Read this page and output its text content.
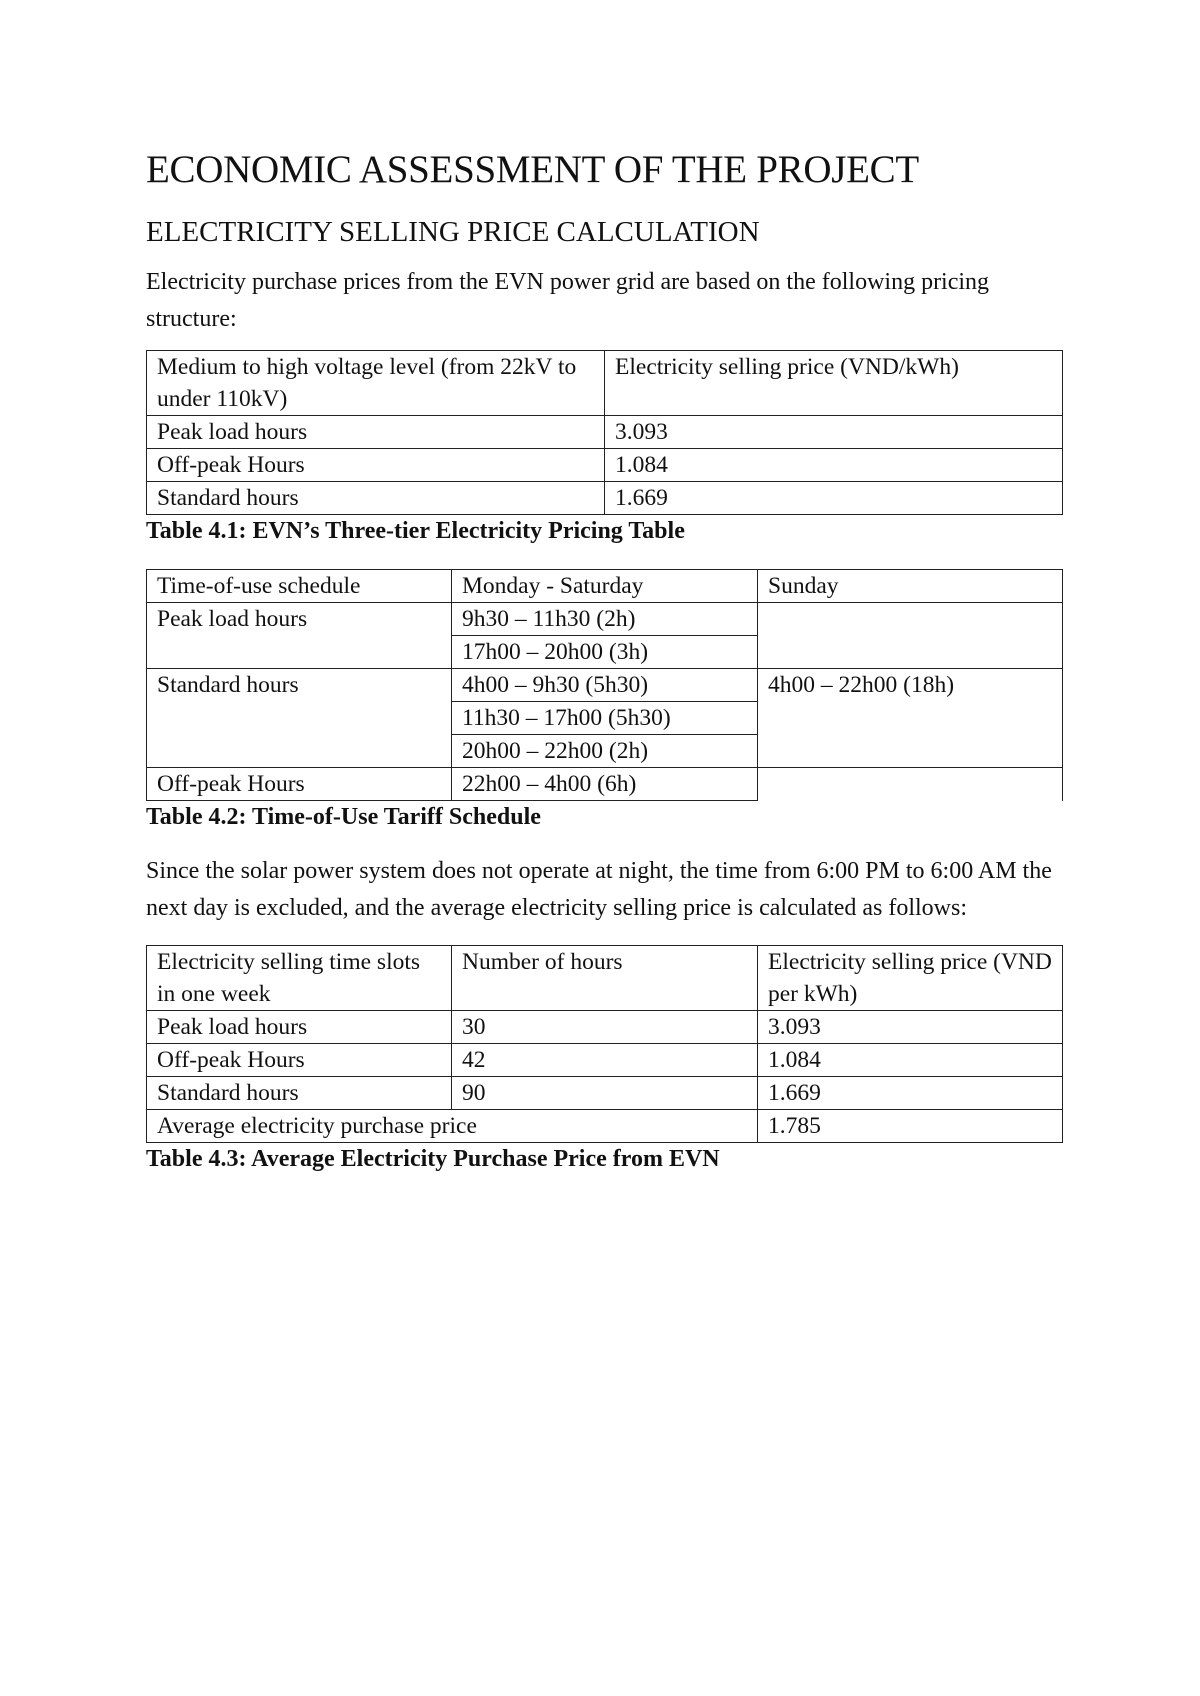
ECONOMIC ASSESSMENT OF THE PROJECT
ELECTRICITY SELLING PRICE CALCULATION

Electricity purchase prices from the EVN power grid are based on the following pricing structure:

Medium to high voltage level (from 22kV to under 110kV)	Electricity selling price (VND/kWh)
Peak load hours	3.093
Off-peak Hours	1.084
Standard hours	1.669

Table 4.1: EVN’s Three-tier Electricity Pricing Table

Time-of-use schedule	Monday - Saturday	Sunday
Peak load hours	9h30 – 11h30 (2h)	
	17h00 – 20h00 (3h)	
Standard hours	4h00 – 9h30 (5h30)	4h00 – 22h00 (18h)
	11h30 – 17h00 (5h30)	
	20h00 – 22h00 (2h)	
Off-peak Hours	22h00 – 4h00 (6h)	

Table 4.2: Time-of-Use Tariff Schedule

Since the solar power system does not operate at night, the time from 6:00 PM to 6:00 AM the next day is excluded, and the average electricity selling price is calculated as follows:

Electricity selling time slots in one week	Number of hours	Electricity selling price (VND per kWh)
Peak load hours	30	3.093
Off-peak Hours	42	1.084
Standard hours	90	1.669
Average electricity purchase price		1.785

Table 4.3: Average Electricity Purchase Price from EVN
